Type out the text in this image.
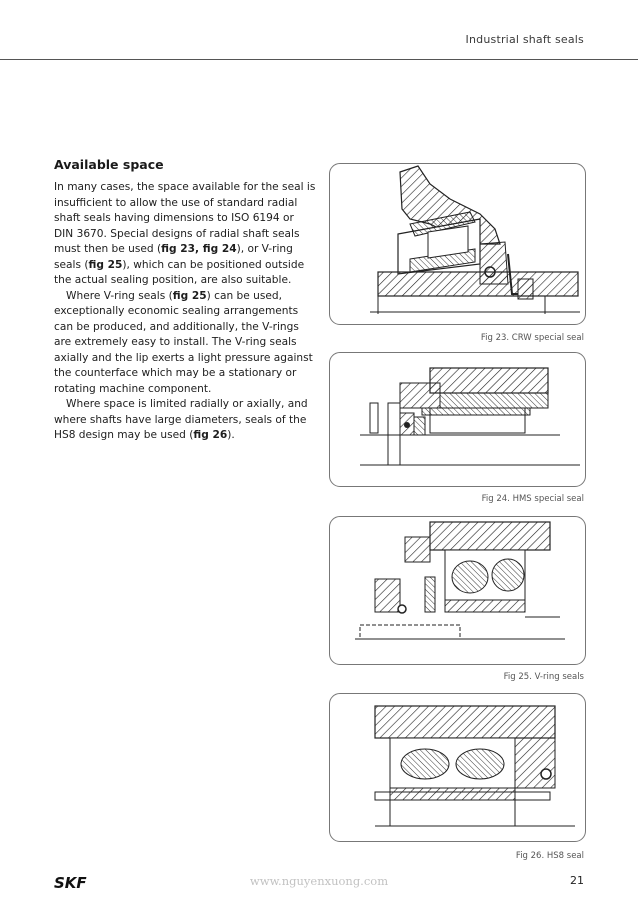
Industrial shaft seals
Available space

In many cases, the space available for the seal is insufficient to allow the use of standard radial shaft seals having dimensions to ISO 6194 or DIN 3670. Special designs of radial shaft seals must then be used (fig 23, fig 24), or V-ring seals (fig 25), which can be positioned outside the actual sealing position, are also suitable.

Where V-ring seals (fig 25) can be used, exceptionally economic sealing arrangements can be produced, and additionally, the V-rings are extremely easy to install. The V-ring seals axially and the lip exerts a light pressure against the counterface which may be a stationary or rotating machine component.

Where space is limited radially or axially, and where shafts have large diameters, seals of the HS8 design may be used (fig 26).

Fig 23. CRW special seal
Fig 24. HMS special seal
Fig 25. V-ring seals
Fig 26. HS8 seal
SKF	www.nguyenxuong.com	21
